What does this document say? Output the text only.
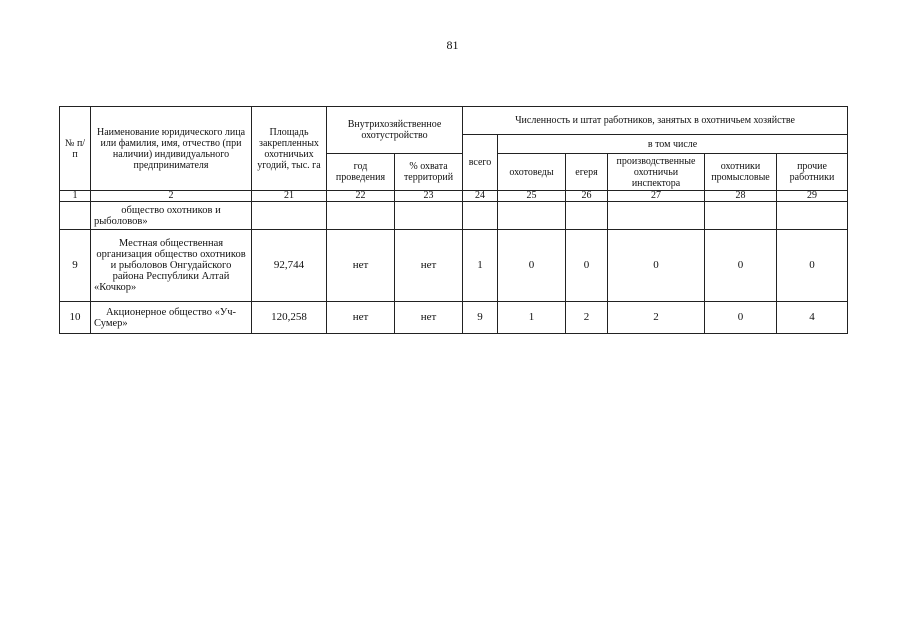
81
№ п/п	Наименование юридического лица или фамилия, имя, отчество (при наличии) индивидуального предпринимателя	Площадь закрепленных охотничьих угодий, тыс. га	Внутрихозяйственное охотустройство		Численность и штат работников, занятых в охотничьем хозяйстве					
					всего	в том числе				
			год проведения	% охвата территорий		охотоведы	егеря	производственные охотничьи инспектора	охотники промысловые	прочие работники
1	2	21	22	23	24	25	26	27	28	29
	общество охотников и рыболовов»									
9	Местная общественная организация общество охотников и рыболовов Онгудайского района Республики Алтай «Кочкор»	92,744	нет	нет	1	0	0	0	0	0
10	Акционерное общество «Уч-Сумер»	120,258	нет	нет	9	1	2	2	0	4
